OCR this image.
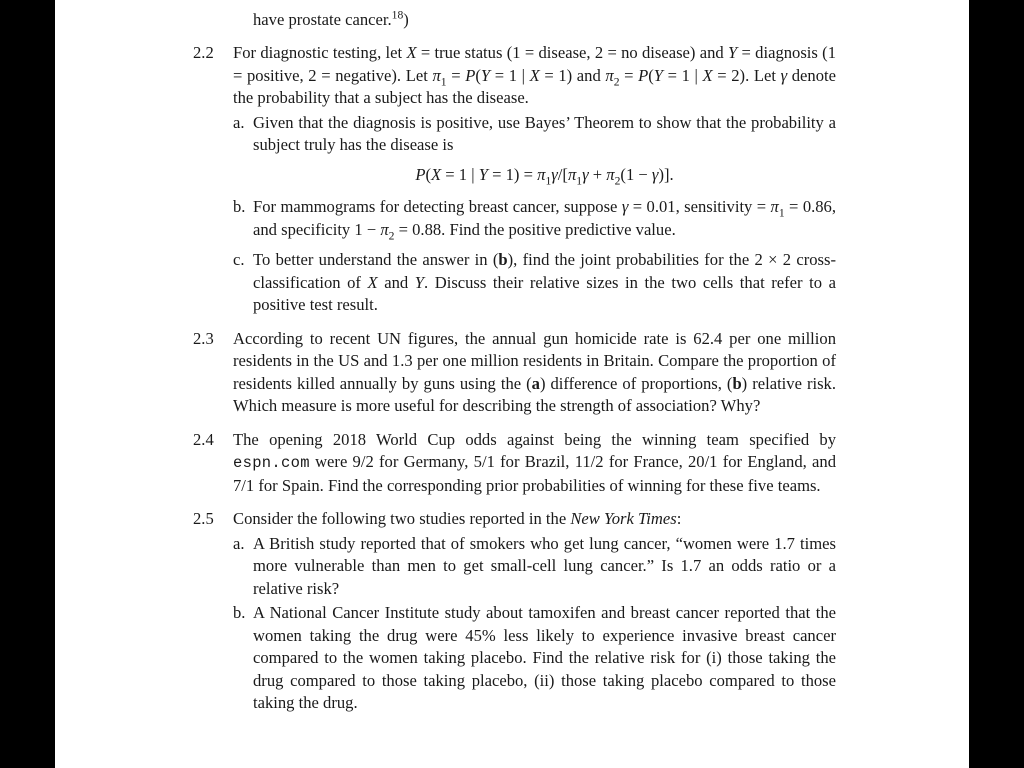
have prostate cancer.$^{18}$)
2.2	For diagnostic testing, let X = true status (1 = disease, 2 = no disease) and Y = diagnosis (1 = positive, 2 = negative). Let $\pi_1 = P(Y = 1$ | X = 1) and $\pi_2 = P(Y = 1$ | X = 2). Let γ denote the probability that a subject has the disease.
a. Given that the diagnosis is positive, use Bayes’ Theorem to show that the probability a subject truly has the disease is
P(X = 1 | $Y = 1) = \pi_1\gamma/[\pi_1\gamma + \pi_2(1 - \gamma)]$.
b. For mammograms for detecting breast cancer, suppose γ = 0.01, sensitivity = $\pi_1 = 0.86$, and specificity $1 - \pi_2 = 0.88$. Find the positive predictive value.
c. To better understand the answer in (b), find the joint probabilities for the 2 × 2 cross-classification of X and Y. Discuss their relative sizes in the two cells that refer to a positive test result.
2.3	According to recent UN figures, the annual gun homicide rate is 62.4 per one million residents in the US and 1.3 per one million residents in Britain. Compare the proportion of residents killed annually by guns using the (a) difference of proportions, (b) relative risk. Which measure is more useful for describing the strength of association? Why?
2.4	The opening 2018 World Cup odds against being the winning team specified by espn.com were 9/2 for Germany, 5/1 for Brazil, 11/2 for France, 20/1 for England, and 7/1 for Spain. Find the corresponding prior probabilities of winning for these five teams.
2.5	Consider the following two studies reported in the New York Times:
a. A British study reported that of smokers who get lung cancer, “women were 1.7 times more vulnerable than men to get small-cell lung cancer.” Is 1.7 an odds ratio or a relative risk?
b. A National Cancer Institute study about tamoxifen and breast cancer reported that the women taking the drug were 45% less likely to experience invasive breast cancer compared to the women taking placebo. Find the relative risk for (i) those taking the drug compared to those taking placebo, (ii) those taking placebo compared to those taking the drug.
